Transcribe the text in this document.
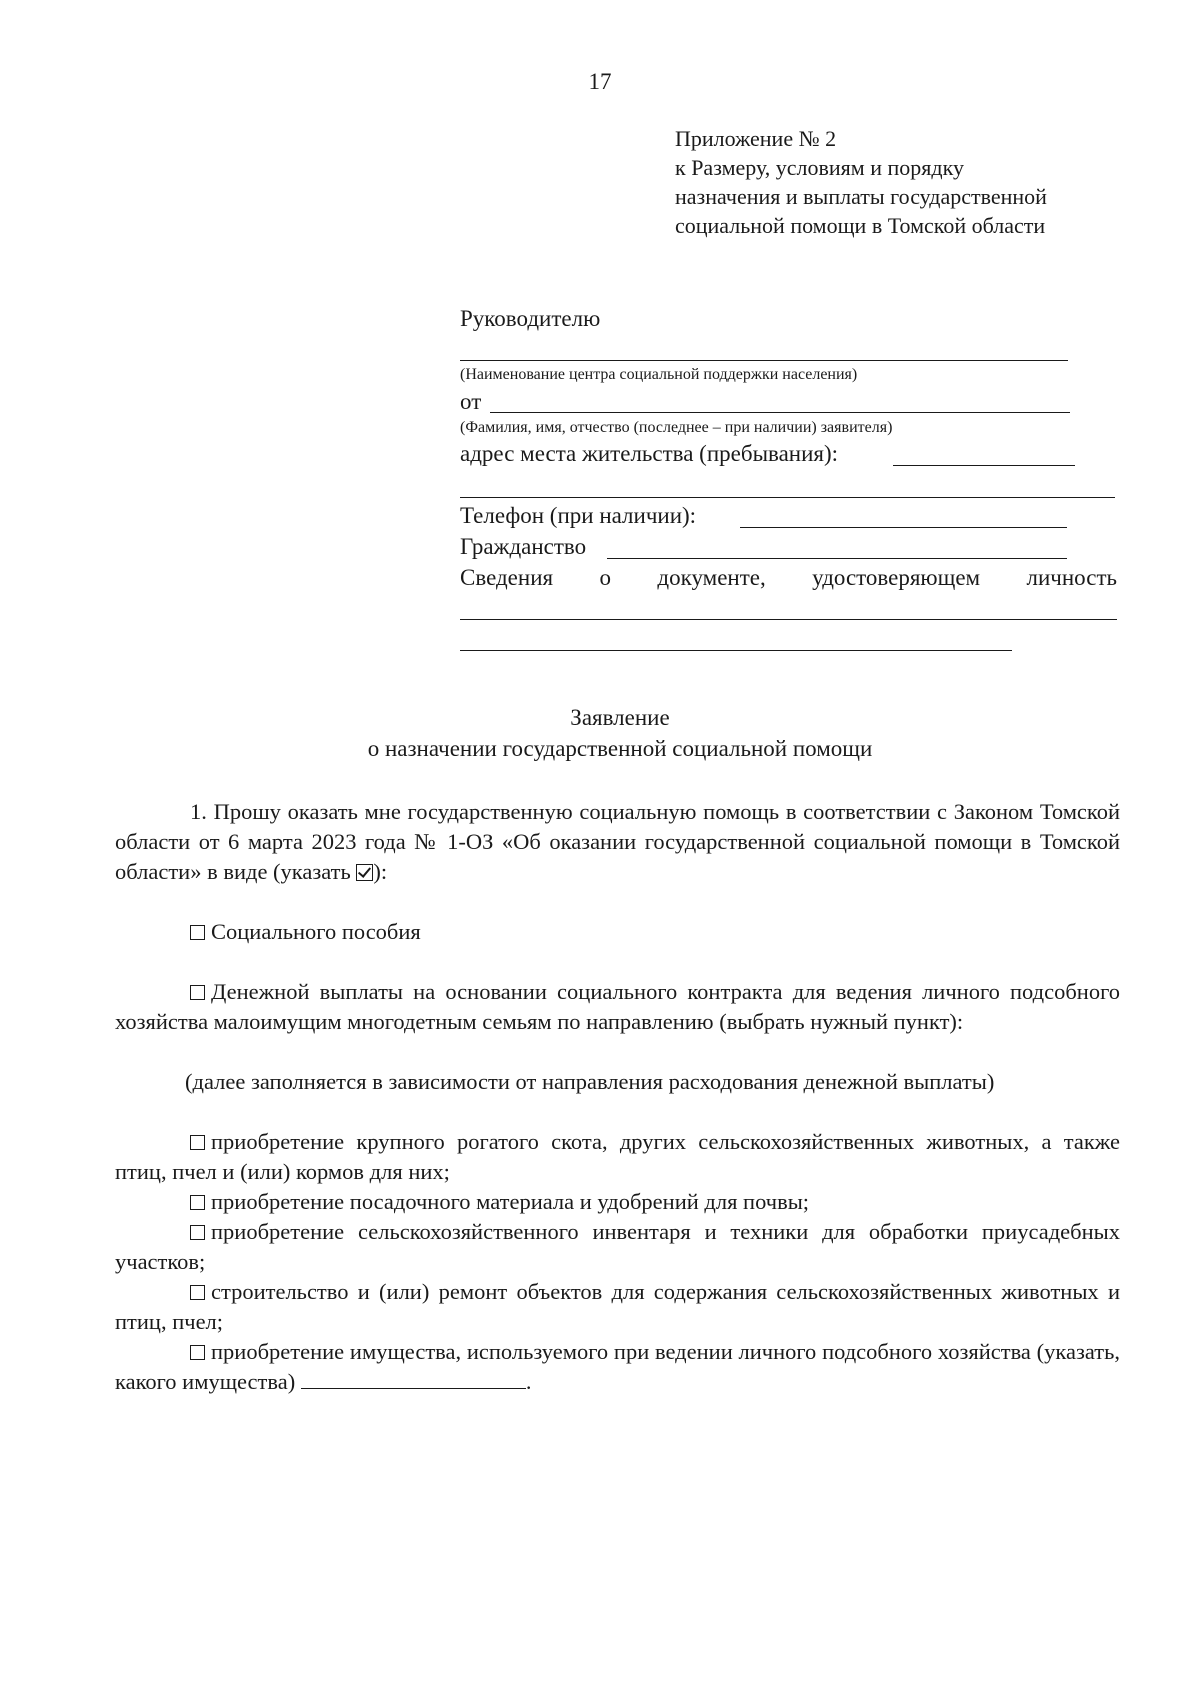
17
Приложение № 2
к Размеру, условиям и порядку
назначения и выплаты государственной
социальной помощи в Томской области
Руководителю
(Наименование центра социальной поддержки населения)
от
(Фамилия, имя, отчество (последнее – при наличии) заявителя)
адрес места жительства (пребывания):
Телефон (при наличии):
Гражданство
Сведения о документе, удостоверяющем личность
Заявление
о назначении государственной социальной помощи
1. Прошу оказать мне государственную социальную помощь в соответствии с Законом Томской области от 6 марта 2023 года № 1-ОЗ «Об оказании государственной социальной помощи в Томской области» в виде (указать ):
Социального пособия
Денежной выплаты на основании социального контракта для ведения личного подсобного хозяйства малоимущим многодетным семьям по направлению (выбрать нужный пункт):
(далее заполняется в зависимости от направления расходования денежной выплаты)
приобретение крупного рогатого скота, других сельскохозяйственных животных, а также птиц, пчел и (или) кормов для них;
приобретение посадочного материала и удобрений для почвы;
приобретение сельскохозяйственного инвентаря и техники для обработки приусадебных участков;
строительство и (или) ремонт объектов для содержания сельскохозяйственных животных и птиц, пчел;
приобретение имущества, используемого при ведении личного подсобного хозяйства (указать, какого имущества)	.
